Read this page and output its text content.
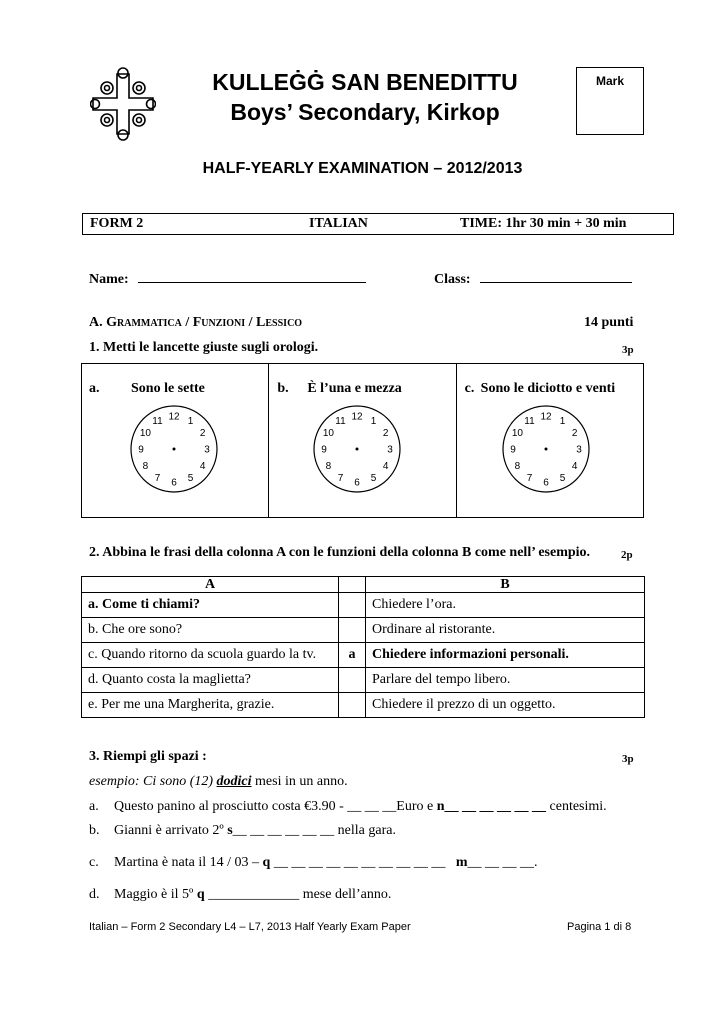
KULLEĠĠ SAN BENEDITTU
Boys’ Secondary, Kirkop
Mark
HALF-YEARLY EXAMINATION – 2012/2013
FORM 2	ITALIAN	TIME: 1hr 30 min + 30 min
Name:	Class:
A. Grammatica / Funzioni / Lessico	14 punti
1. Metti le lancette giuste sugli orologi.	3p
a. Sono le sette
12 1
2
3
4
5
6
7
8
9
10
11

b. È l’una e mezza
12 1
2
3
4
5
6
7
8
9
10
11

c. Sono le diciotto e venti
12 1
2
3
4
5
6
7
8
9
10
11
2. Abbina le frasi della colonna A con le funzioni della colonna B come nell’ esempio.	2p
A		B
a. Come ti chiami?		Chiedere l’ora.
b. Che ore sono?		Ordinare al ristorante.
c. Quando ritorno da scuola guardo la tv.	a	Chiedere informazioni personali.
d. Quanto costa la maglietta?		Parlare del tempo libero.
e. Per me una Margherita, grazie.		Chiedere il prezzo di un oggetto.
3. Riempi gli spazi :	3p
esempio: Ci sono (12) dodici mesi in un anno.
a. Questo panino al prosciutto costa €3.90 - __ __ __Euro e n__ __ __ __ __ __ centesimi.
b. Gianni è arrivato 2º s__ __ __ __ __ __ nella gara.
c. Martina è nata il 14 / 03 – q __ __ __ __ __ __ __ __ __ __   m__ __ __ __.
d. Maggio è il 5º q _____________ mese dell’anno.
Italian – Form 2 Secondary L4 – L7, 2013 Half Yearly Exam Paper	Pagina 1 di 8
